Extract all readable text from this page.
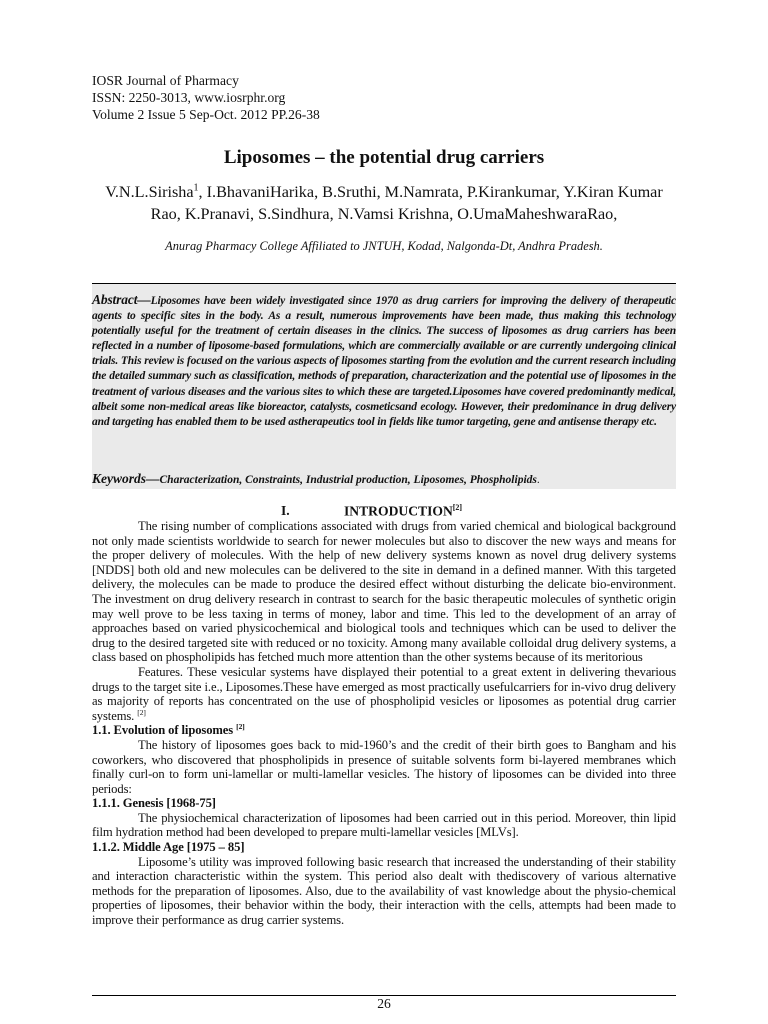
IOSR Journal of Pharmacy
ISSN: 2250-3013, www.iosrphr.org
Volume 2 Issue 5 Sep-Oct. 2012 PP.26-38
Liposomes – the potential drug carriers
V.N.L.Sirisha$^1$, I.BhavaniHarika, B.Sruthi, M.Namrata, P.Kirankumar, Y.Kiran Kumar Rao, K.Pranavi, S.Sindhura, N.Vamsi Krishna, O.UmaMaheshwaraRao,
Anurag Pharmacy College Affiliated to JNTUH, Kodad, Nalgonda-Dt, Andhra Pradesh.
Abstract—Liposomes have been widely investigated since 1970 as drug carriers for improving the delivery of therapeutic agents to specific sites in the body. As a result, numerous improvements have been made, thus making this technology potentially useful for the treatment of certain diseases in the clinics. The success of liposomes as drug carriers has been reflected in a number of liposome-based formulations, which are commercially available or are currently undergoing clinical trials. This review is focused on the various aspects of liposomes starting from the evolution and the current research including the detailed summary such as classification, methods of preparation, characterization and the potential use of liposomes in the treatment of various diseases and the various sites to which these are targeted.Liposomes have covered predominantly medical, albeit some non-medical areas like bioreactor, catalysts, cosmeticsand ecology. However, their predominance in drug delivery and targeting has enabled them to be used astherapeutics tool in fields like tumor targeting, gene and antisense therapy etc.
Keywords—Characterization, Constraints, Industrial production, Liposomes, Phospholipids.
I.	INTRODUCTION[2]

The rising number of complications associated with drugs from varied chemical and biological background not only made scientists worldwide to search for newer molecules but also to discover the new ways and means for the proper delivery of molecules. With the help of new delivery systems known as novel drug delivery systems [NDDS] both old and new molecules can be delivered to the site in demand in a defined manner. With this targeted delivery, the molecules can be made to produce the desired effect without disturbing the delicate bio-environment. The investment on drug delivery research in contrast to search for the basic therapeutic molecules of synthetic origin may well prove to be less taxing in terms of money, labor and time. This led to the development of an array of approaches based on varied physicochemical and biological tools and techniques which can be used to deliver the drug to the desired targeted site with reduced or no toxicity. Among many available colloidal drug delivery systems, a class based on phospholipids has fetched much more attention than the other systems because of its meritorious

Features. These vesicular systems have displayed their potential to a great extent in delivering thevarious drugs to the target site i.e., Liposomes.These have emerged as most practically usefulcarriers for in-vivo drug delivery as majority of reports has concentrated on the use of phospholipid vesicles or liposomes as potential drug carrier systems. [2]

1.1. Evolution of liposomes [2]

The history of liposomes goes back to mid-1960’s and the credit of their birth goes to Bangham and his coworkers, who discovered that phospholipids in presence of suitable solvents form bi-layered membranes which finally curl-on to form uni-lamellar or multi-lamellar vesicles. The history of liposomes can be divided into three periods:

1.1.1. Genesis [1968-75]

The physiochemical characterization of liposomes had been carried out in this period. Moreover, thin lipid film hydration method had been developed to prepare multi-lamellar vesicles [MLVs].

1.1.2. Middle Age [1975 – 85]

Liposome’s utility was improved following basic research that increased the understanding of their stability and interaction characteristic within the system. This period also dealt with thediscovery of various alternative methods for the preparation of liposomes. Also, due to the availability of vast knowledge about the physio-chemical properties of liposomes, their behavior within the body, their interaction with the cells, attempts had been made to improve their performance as drug carrier systems.

26
